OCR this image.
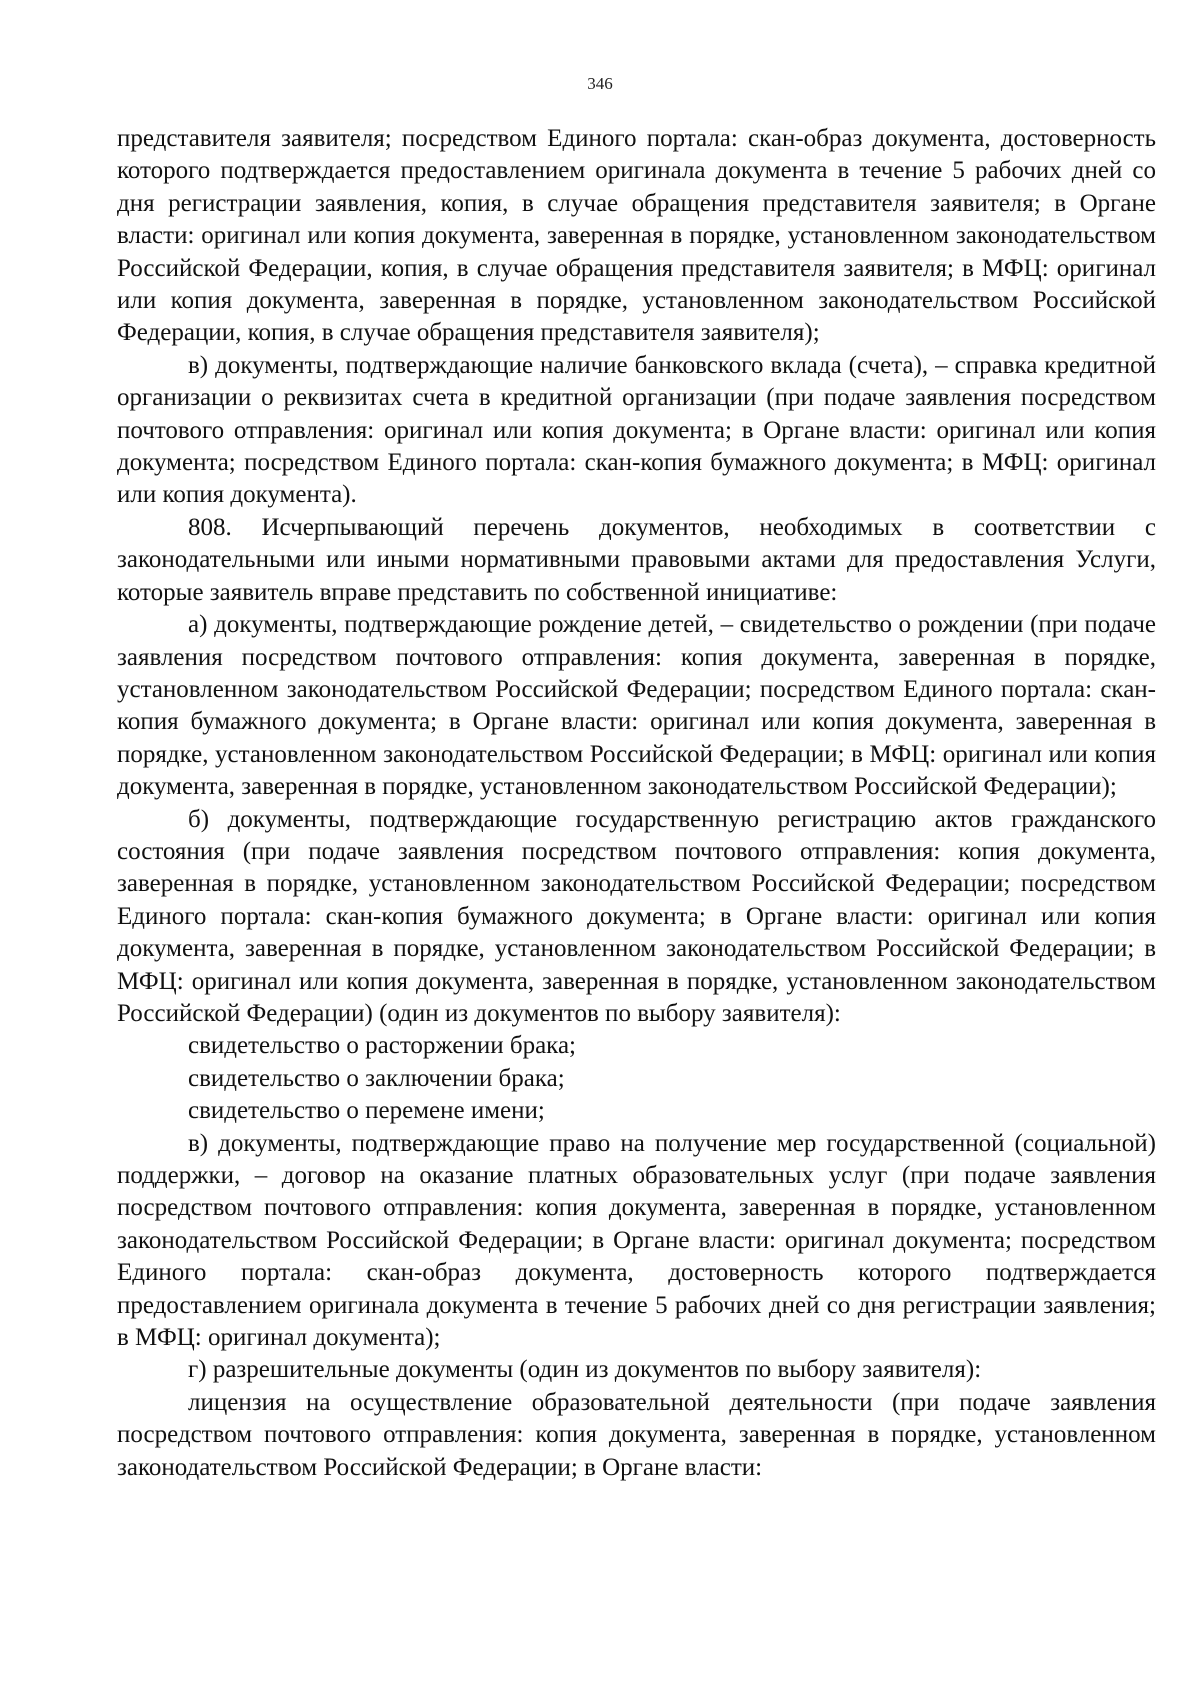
346

представителя заявителя; посредством Единого портала: скан-образ документа, достоверность которого подтверждается предоставлением оригинала документа в течение 5 рабочих дней со дня регистрации заявления, копия, в случае обращения представителя заявителя; в Органе власти: оригинал или копия документа, заверенная в порядке, установленном законодательством Российской Федерации, копия, в случае обращения представителя заявителя; в МФЦ: оригинал или копия документа, заверенная в порядке, установленном законодательством Российской Федерации, копия, в случае обращения представителя заявителя);

в) документы, подтверждающие наличие банковского вклада (счета), – справка кредитной организации о реквизитах счета в кредитной организации (при подаче заявления посредством почтового отправления: оригинал или копия документа; в Органе власти: оригинал или копия документа; посредством Единого портала: скан-копия бумажного документа; в МФЦ: оригинал или копия документа).

808. Исчерпывающий перечень документов, необходимых в соответствии с законодательными или иными нормативными правовыми актами для предоставления Услуги, которые заявитель вправе представить по собственной инициативе:

а) документы, подтверждающие рождение детей, – свидетельство о рождении (при подаче заявления посредством почтового отправления: копия документа, заверенная в порядке, установленном законодательством Российской Федерации; посредством Единого портала: скан-копия бумажного документа; в Органе власти: оригинал или копия документа, заверенная в порядке, установленном законодательством Российской Федерации; в МФЦ: оригинал или копия документа, заверенная в порядке, установленном законодательством Российской Федерации);

б) документы, подтверждающие государственную регистрацию актов гражданского состояния (при подаче заявления посредством почтового отправления: копия документа, заверенная в порядке, установленном законодательством Российской Федерации; посредством Единого портала: скан-копия бумажного документа; в Органе власти: оригинал или копия документа, заверенная в порядке, установленном законодательством Российской Федерации; в МФЦ: оригинал или копия документа, заверенная в порядке, установленном законодательством Российской Федерации) (один из документов по выбору заявителя):

свидетельство о расторжении брака;

свидетельство о заключении брака;

свидетельство о перемене имени;

в) документы, подтверждающие право на получение мер государственной (социальной) поддержки, – договор на оказание платных образовательных услуг (при подаче заявления посредством почтового отправления: копия документа, заверенная в порядке, установленном законодательством Российской Федерации; в Органе власти: оригинал документа; посредством Единого портала: скан-образ документа, достоверность которого подтверждается предоставлением оригинала документа в течение 5 рабочих дней со дня регистрации заявления; в МФЦ: оригинал документа);

г) разрешительные документы (один из документов по выбору заявителя):

лицензия на осуществление образовательной деятельности (при подаче заявления посредством почтового отправления: копия документа, заверенная в порядке, установленном законодательством Российской Федерации; в Органе власти:
